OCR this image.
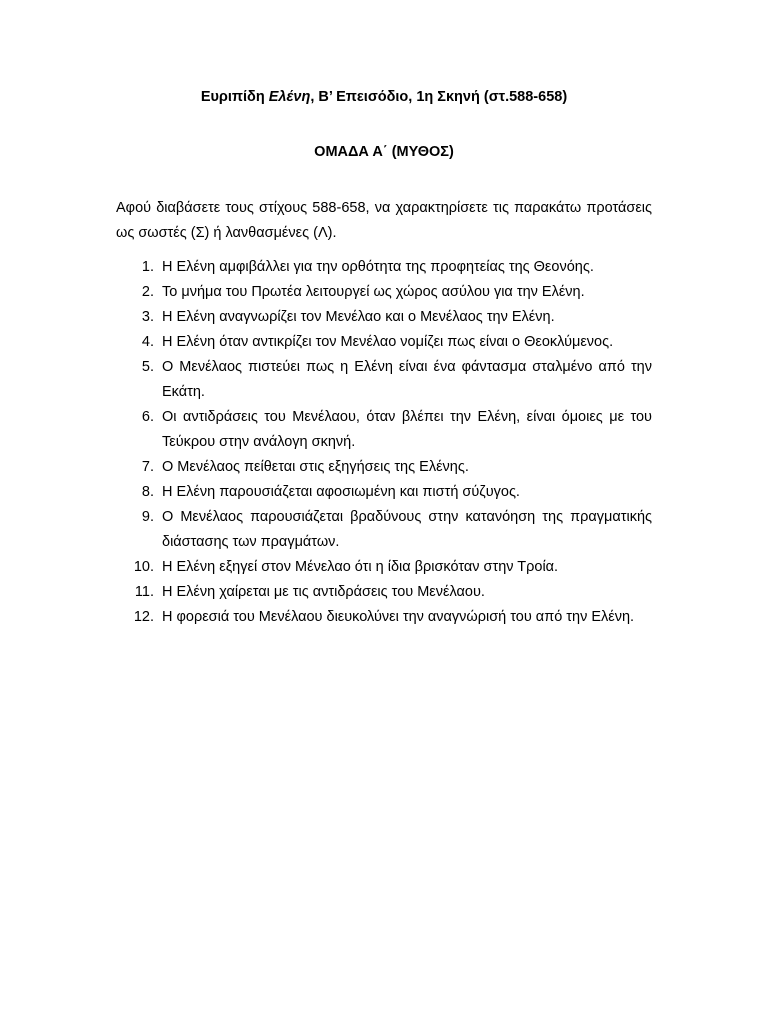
Ευριπίδη Ελένη, Β’ Επεισόδιο, 1η Σκηνή (στ.588-658)
ΟΜΑΔΑ Α΄ (ΜΥΘΟΣ)

Αφού διαβάσετε τους στίχους 588-658, να χαρακτηρίσετε τις παρακάτω προτάσεις ως σωστές (Σ) ή λανθασμένες (Λ).

1. Η Ελένη αμφιβάλλει για την ορθότητα της προφητείας της Θεονόης.
2. Το μνήμα του Πρωτέα λειτουργεί ως χώρος ασύλου για την Ελένη.
3. Η Ελένη αναγνωρίζει τον Μενέλαο και ο Μενέλαος την Ελένη.
4. Η Ελένη όταν αντικρίζει τον Μενέλαο νομίζει πως είναι ο Θεοκλύμενος.
5. Ο Μενέλαος πιστεύει πως η Ελένη είναι ένα φάντασμα σταλμένο από την Εκάτη.
6. Οι αντιδράσεις του Μενέλαου, όταν βλέπει την Ελένη, είναι όμοιες με του Τεύκρου στην ανάλογη σκηνή.
7. Ο Μενέλαος πείθεται στις εξηγήσεις της Ελένης.
8. Η Ελένη παρουσιάζεται αφοσιωμένη και πιστή σύζυγος.
9. Ο Μενέλαος παρουσιάζεται βραδύνους στην κατανόηση της πραγματικής διάστασης των πραγμάτων.
10. Η Ελένη εξηγεί στον Μένελαο ότι η ίδια βρισκόταν στην Τροία.
11. Η Ελένη χαίρεται με τις αντιδράσεις του Μενέλαου.
12. Η φορεσιά του Μενέλαου διευκολύνει την αναγνώρισή του από την Ελένη.
